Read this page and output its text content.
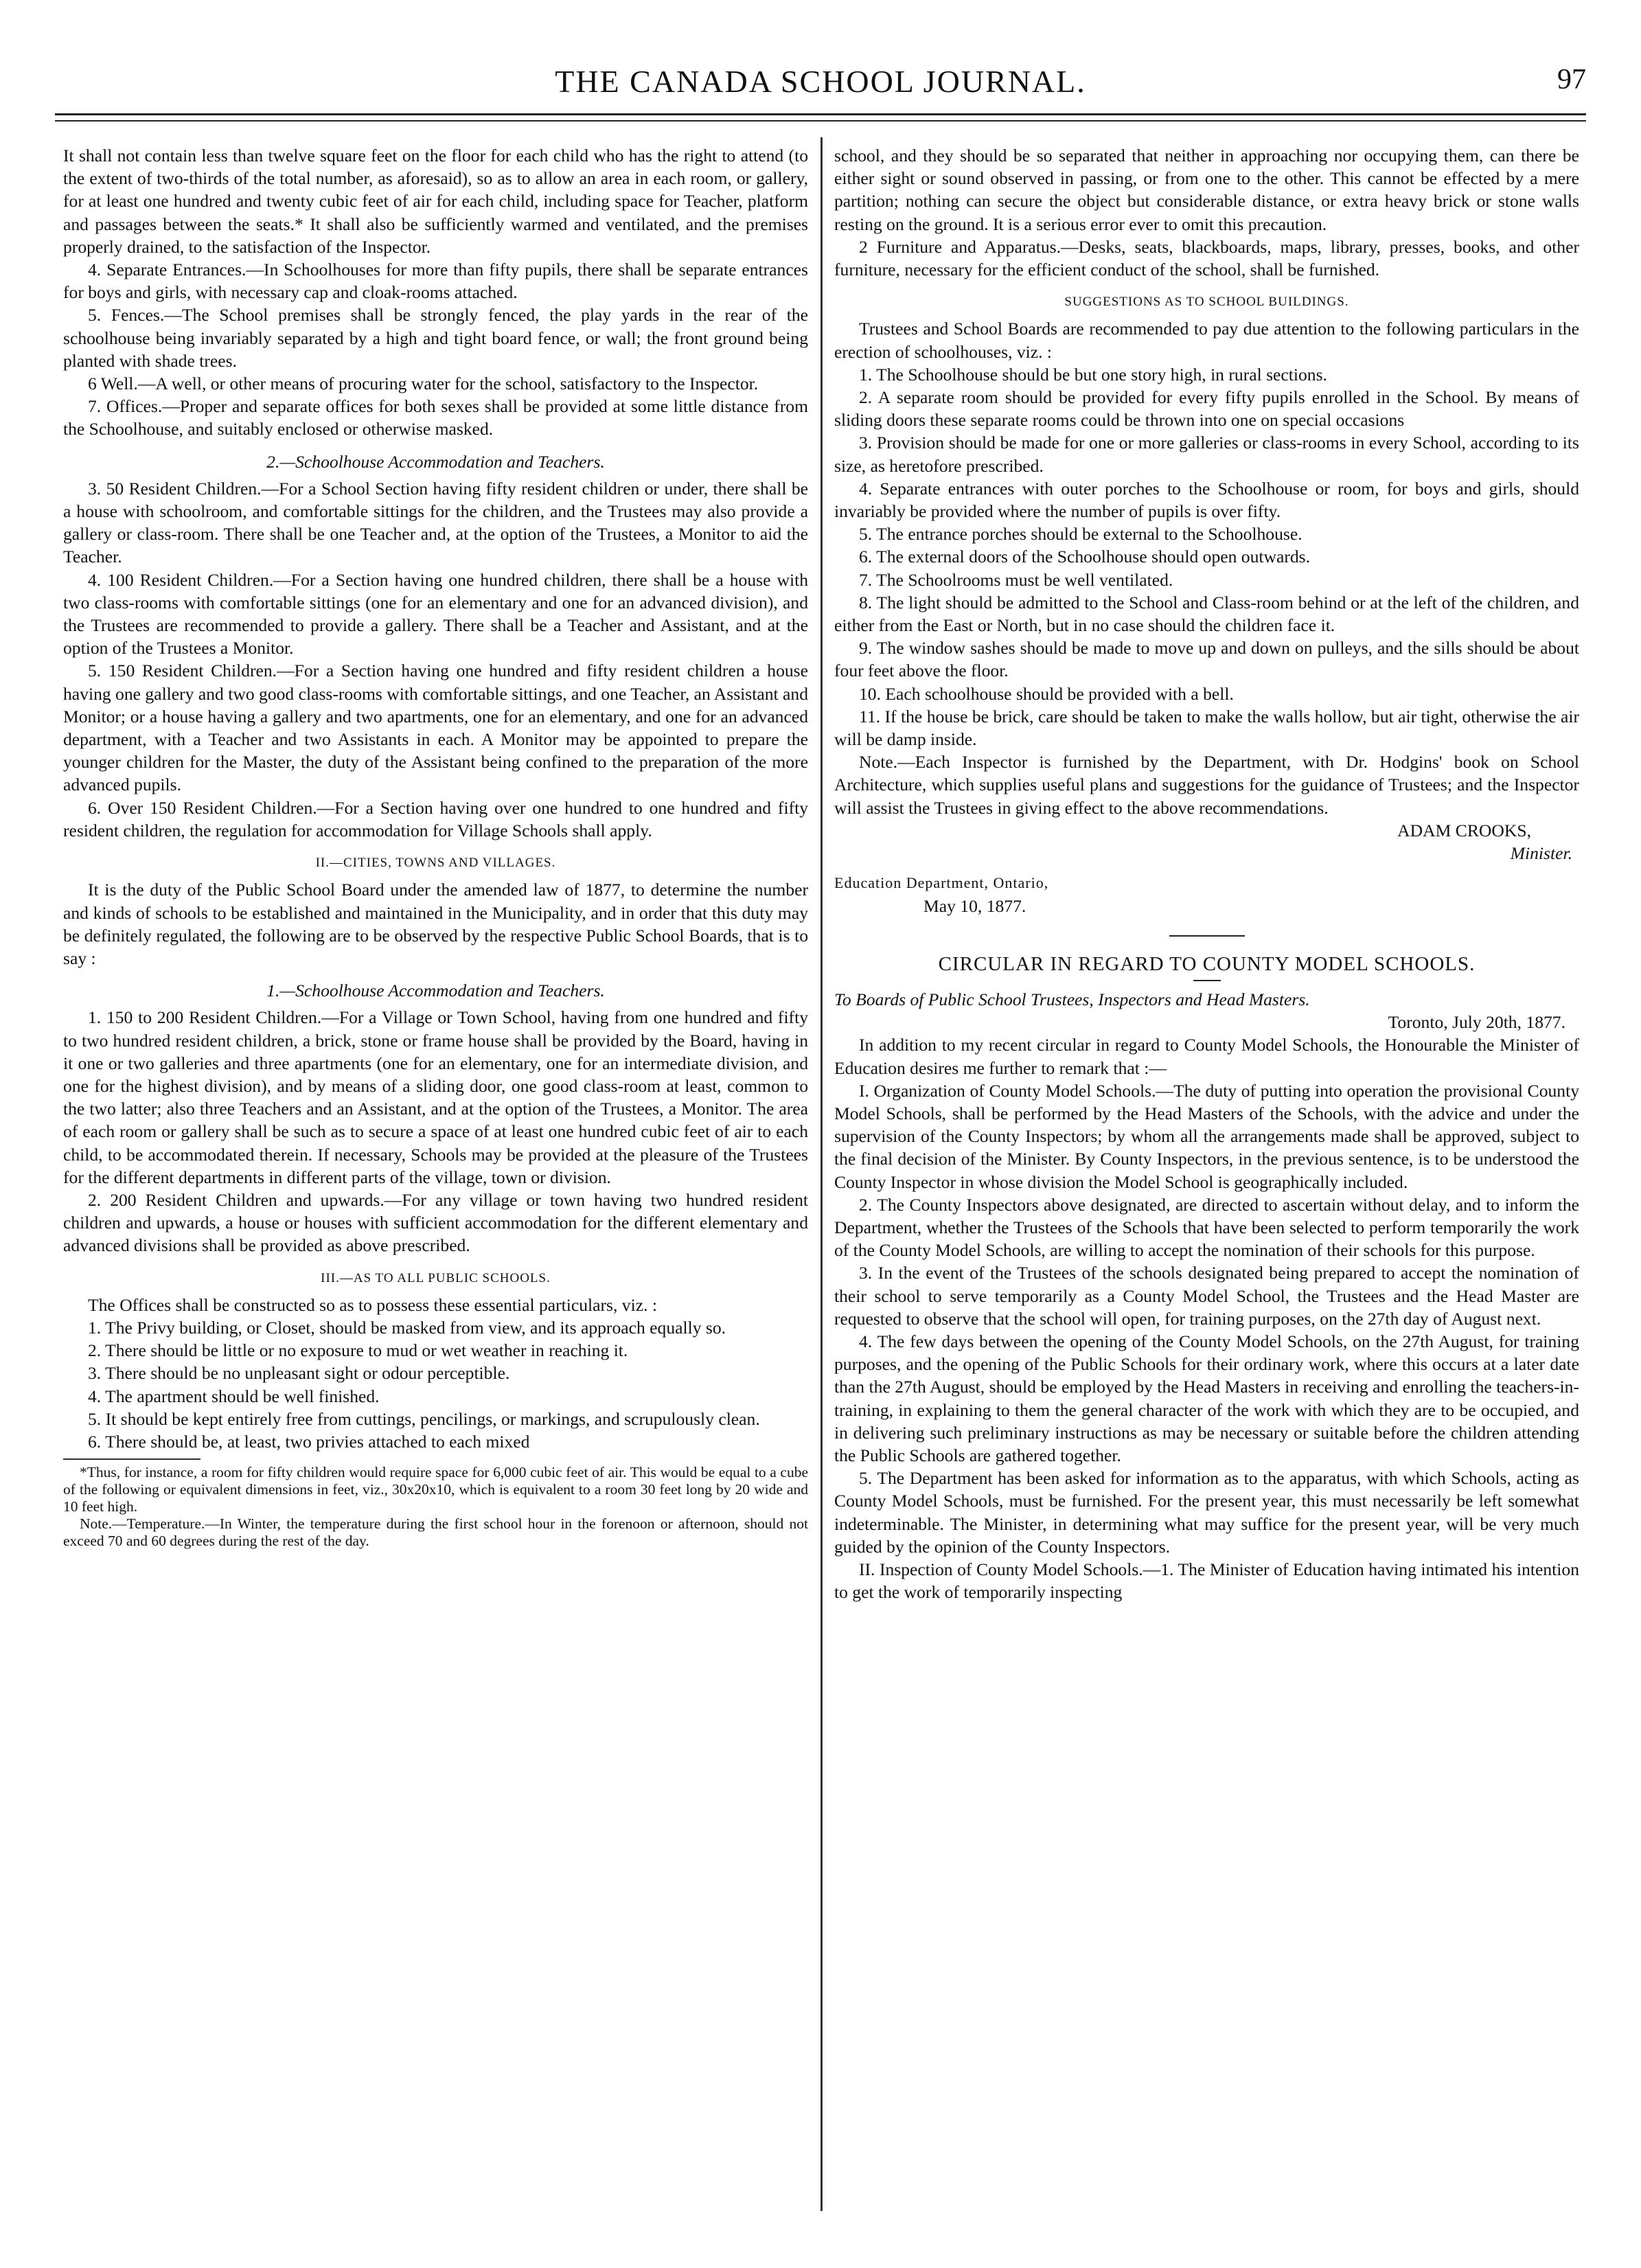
THE CANADA SCHOOL JOURNAL.	97

It shall not contain less than twelve square feet on the floor for each child who has the right to attend (to the extent of two-thirds of the total number, as aforesaid), so as to allow an area in each room, or gallery, for at least one hundred and twenty cubic feet of air for each child, including space for Teacher, platform and passages between the seats.* It shall also be sufficiently warmed and ventilated, and the premises properly drained, to the satisfaction of the Inspector.

4. Separate Entrances.—In Schoolhouses for more than fifty pupils, there shall be separate entrances for boys and girls, with necessary cap and cloak-rooms attached.

5. Fences.—The School premises shall be strongly fenced, the play yards in the rear of the schoolhouse being invariably separated by a high and tight board fence, or wall; the front ground being planted with shade trees.

6 Well.—A well, or other means of procuring water for the school, satisfactory to the Inspector.

7. Offices.—Proper and separate offices for both sexes shall be provided at some little distance from the Schoolhouse, and suitably enclosed or otherwise masked.

2.—Schoolhouse Accommodation and Teachers.

3. 50 Resident Children.—For a School Section having fifty resident children or under, there shall be a house with schoolroom, and comfortable sittings for the children, and the Trustees may also provide a gallery or class-room. There shall be one Teacher and, at the option of the Trustees, a Monitor to aid the Teacher.

4. 100 Resident Children.—For a Section having one hundred children, there shall be a house with two class-rooms with comfortable sittings (one for an elementary and one for an advanced division), and the Trustees are recommended to provide a gallery. There shall be a Teacher and Assistant, and at the option of the Trustees a Monitor.

5. 150 Resident Children.—For a Section having one hundred and fifty resident children a house having one gallery and two good class-rooms with comfortable sittings, and one Teacher, an Assistant and Monitor; or a house having a gallery and two apartments, one for an elementary, and one for an advanced department, with a Teacher and two Assistants in each. A Monitor may be appointed to prepare the younger children for the Master, the duty of the Assistant being confined to the preparation of the more advanced pupils.

6. Over 150 Resident Children.—For a Section having over one hundred to one hundred and fifty resident children, the regulation for accommodation for Village Schools shall apply.

II.—CITIES, TOWNS AND VILLAGES.

It is the duty of the Public School Board under the amended law of 1877, to determine the number and kinds of schools to be established and maintained in the Municipality, and in order that this duty may be definitely regulated, the following are to be observed by the respective Public School Boards, that is to say :

1.—Schoolhouse Accommodation and Teachers.

1. 150 to 200 Resident Children.—For a Village or Town School, having from one hundred and fifty to two hundred resident children, a brick, stone or frame house shall be provided by the Board, having in it one or two galleries and three apartments (one for an elementary, one for an intermediate division, and one for the highest division), and by means of a sliding door, one good class-room at least, common to the two latter; also three Teachers and an Assistant, and at the option of the Trustees, a Monitor. The area of each room or gallery shall be such as to secure a space of at least one hundred cubic feet of air to each child, to be accommodated therein. If necessary, Schools may be provided at the pleasure of the Trustees for the different departments in different parts of the village, town or division.

2. 200 Resident Children and upwards.—For any village or town having two hundred resident children and upwards, a house or houses with sufficient accommodation for the different elementary and advanced divisions shall be provided as above prescribed.

III.—AS TO ALL PUBLIC SCHOOLS.

The Offices shall be constructed so as to possess these essential particulars, viz. :

1. The Privy building, or Closet, should be masked from view, and its approach equally so.

2. There should be little or no exposure to mud or wet weather in reaching it.

3. There should be no unpleasant sight or odour perceptible.

4. The apartment should be well finished.

5. It should be kept entirely free from cuttings, pencilings, or markings, and scrupulously clean.

6. There should be, at least, two privies attached to each mixed

*Thus, for instance, a room for fifty children would require space for 6,000 cubic feet of air. This would be equal to a cube of the following or equivalent dimensions in feet, viz., 30x20x10, which is equivalent to a room 30 feet long by 20 wide and 10 feet high.

Note.—Temperature.—In Winter, the temperature during the first school hour in the forenoon or afternoon, should not exceed 70 and 60 degrees during the rest of the day.

school, and they should be so separated that neither in approaching nor occupying them, can there be either sight or sound observed in passing, or from one to the other. This cannot be effected by a mere partition; nothing can secure the object but considerable distance, or extra heavy brick or stone walls resting on the ground. It is a serious error ever to omit this precaution.

2 Furniture and Apparatus.—Desks, seats, blackboards, maps, library, presses, books, and other furniture, necessary for the efficient conduct of the school, shall be furnished.

SUGGESTIONS AS TO SCHOOL BUILDINGS.

Trustees and School Boards are recommended to pay due attention to the following particulars in the erection of schoolhouses, viz. :

1. The Schoolhouse should be but one story high, in rural sections.

2. A separate room should be provided for every fifty pupils enrolled in the School. By means of sliding doors these separate rooms could be thrown into one on special occasions

3. Provision should be made for one or more galleries or class-rooms in every School, according to its size, as heretofore prescribed.

4. Separate entrances with outer porches to the Schoolhouse or room, for boys and girls, should invariably be provided where the number of pupils is over fifty.

5. The entrance porches should be external to the Schoolhouse.

6. The external doors of the Schoolhouse should open outwards.

7. The Schoolrooms must be well ventilated.

8. The light should be admitted to the School and Class-room behind or at the left of the children, and either from the East or North, but in no case should the children face it.

9. The window sashes should be made to move up and down on pulleys, and the sills should be about four feet above the floor.

10. Each schoolhouse should be provided with a bell.

11. If the house be brick, care should be taken to make the walls hollow, but air tight, otherwise the air will be damp inside.

Note.—Each Inspector is furnished by the Department, with Dr. Hodgins' book on School Architecture, which supplies useful plans and suggestions for the guidance of Trustees; and the Inspector will assist the Trustees in giving effect to the above recommendations.

ADAM CROOKS,

Minister.

Education Department, Ontario,

May 10, 1877.

CIRCULAR IN REGARD TO COUNTY MODEL SCHOOLS.

To Boards of Public School Trustees, Inspectors and Head Masters.

Toronto, July 20th, 1877.

In addition to my recent circular in regard to County Model Schools, the Honourable the Minister of Education desires me further to remark that :—

I. Organization of County Model Schools.—The duty of putting into operation the provisional County Model Schools, shall be performed by the Head Masters of the Schools, with the advice and under the supervision of the County Inspectors; by whom all the arrangements made shall be approved, subject to the final decision of the Minister. By County Inspectors, in the previous sentence, is to be understood the County Inspector in whose division the Model School is geographically included.

2. The County Inspectors above designated, are directed to ascertain without delay, and to inform the Department, whether the Trustees of the Schools that have been selected to perform temporarily the work of the County Model Schools, are willing to accept the nomination of their schools for this purpose.

3. In the event of the Trustees of the schools designated being prepared to accept the nomination of their school to serve temporarily as a County Model School, the Trustees and the Head Master are requested to observe that the school will open, for training purposes, on the 27th day of August next.

4. The few days between the opening of the County Model Schools, on the 27th August, for training purposes, and the opening of the Public Schools for their ordinary work, where this occurs at a later date than the 27th August, should be employed by the Head Masters in receiving and enrolling the teachers-in-training, in explaining to them the general character of the work with which they are to be occupied, and in delivering such preliminary instructions as may be necessary or suitable before the children attending the Public Schools are gathered together.

5. The Department has been asked for information as to the apparatus, with which Schools, acting as County Model Schools, must be furnished. For the present year, this must necessarily be left somewhat indeterminable. The Minister, in determining what may suffice for the present year, will be very much guided by the opinion of the County Inspectors.

II. Inspection of County Model Schools.—1. The Minister of Education having intimated his intention to get the work of temporarily inspecting
